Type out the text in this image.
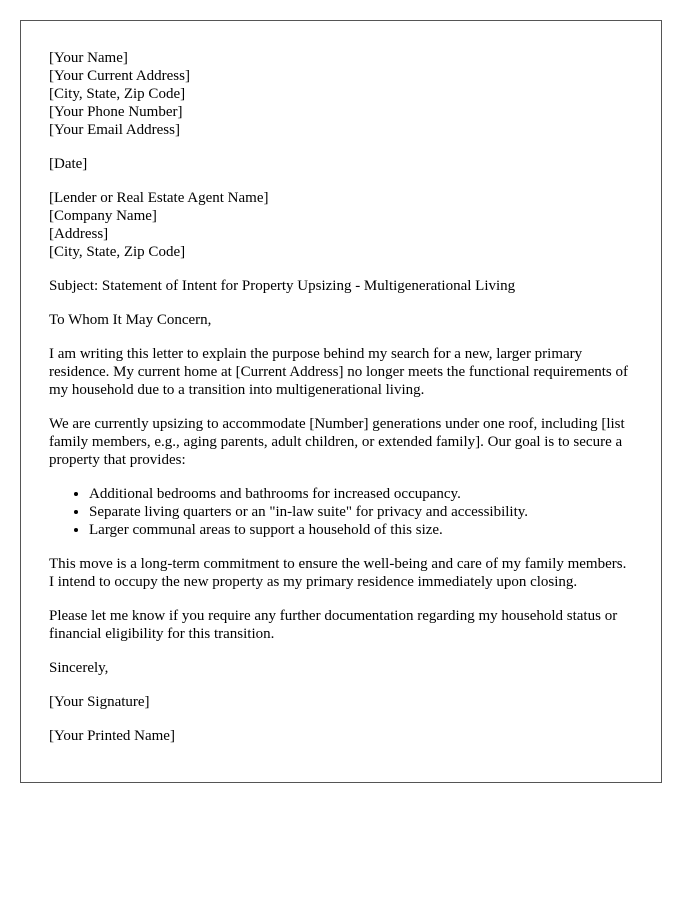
[Your Name]
[Your Current Address]
[City, State, Zip Code]
[Your Phone Number]
[Your Email Address]
[Date]
[Lender or Real Estate Agent Name]
[Company Name]
[Address]
[City, State, Zip Code]

Subject: Statement of Intent for Property Upsizing - Multigenerational Living

To Whom It May Concern,

I am writing this letter to explain the purpose behind my search for a new, larger primary residence. My current home at [Current Address] no longer meets the functional requirements of my household due to a transition into multigenerational living.

We are currently upsizing to accommodate [Number] generations under one roof, including [list family members, e.g., aging parents, adult children, or extended family]. Our goal is to secure a property that provides:

• Additional bedrooms and bathrooms for increased occupancy.
• Separate living quarters or an "in-law suite" for privacy and accessibility.
• Larger communal areas to support a household of this size.

This move is a long-term commitment to ensure the well-being and care of my family members. I intend to occupy the new property as my primary residence immediately upon closing.

Please let me know if you require any further documentation regarding my household status or financial eligibility for this transition.

Sincerely,

[Your Signature]

[Your Printed Name]
